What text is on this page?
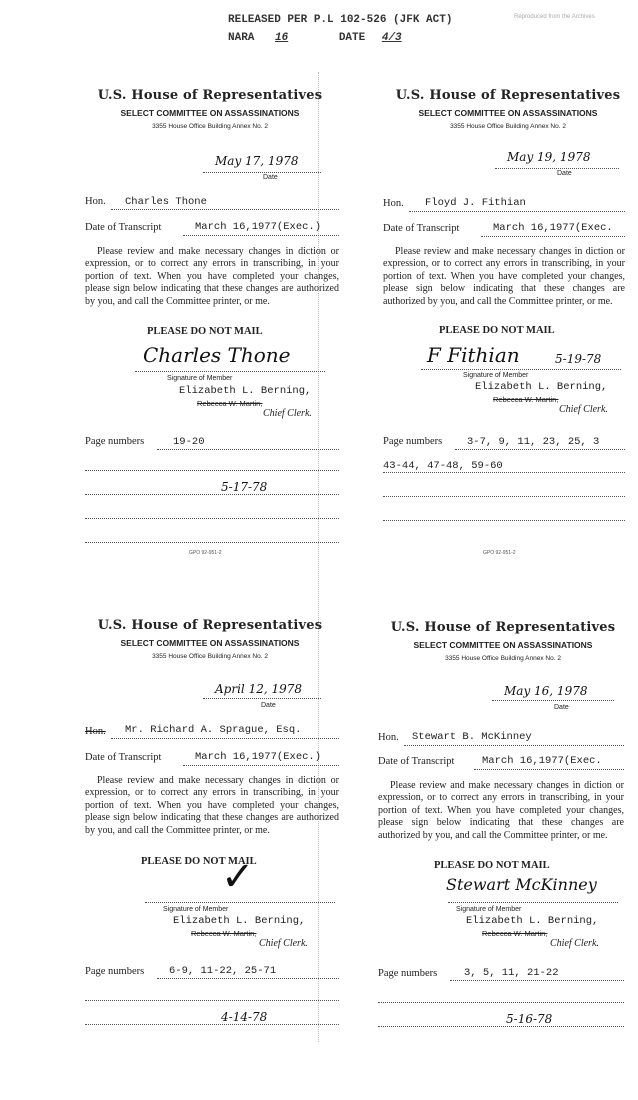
RELEASED PER P.L 102-526 (JFK ACT)
NARA 16	DATE 4/3
Reproduced from the Archives
U.S. House of Representatives
SELECT COMMITTEE ON ASSASSINATIONS
3355 House Office Building Annex No. 2
May 17, 1978
Date
Hon. Charles Thone
Date of Transcript	March 16,1977(Exec.)
Please review and make necessary changes in diction or expression, or to correct any errors in transcribing, in your portion of text. When you have completed your changes, please sign below indicating that these changes are authorized by you, and call the Committee printer, or me.
PLEASE DO NOT MAIL
Charles Thone
Signature of Member
Elizabeth L. Berning,
Rebecca W. Martin,
Chief Clerk.
Page numbers	19-20
5-17-78
GPO 92-951-2
U.S. House of Representatives
SELECT COMMITTEE ON ASSASSINATIONS
3355 House Office Building Annex No. 2
May 19, 1978
Date
Hon. Floyd J. Fithian
Date of Transcript	March 16,1977(Exec.
Please review and make necessary changes in diction or expression, or to correct any errors in transcribing, in your portion of text. When you have completed your changes, please sign below indicating that these changes are authorized by you, and call the Committee printer, or me.
PLEASE DO NOT MAIL
F Fithian	5-19-78
Signature of Member
Elizabeth L. Berning,
Rebecca W. Martin,
Chief Clerk.
Page numbers 3-7, 9, 11, 23, 25, 3
43-44, 47-48, 59-60
GPO 92-951-2
U.S. House of Representatives
SELECT COMMITTEE ON ASSASSINATIONS
3355 House Office Building Annex No. 2
April 12, 1978
Date
Hon. Mr. Richard A. Sprague, Esq.
Date of Transcript	March 16,1977(Exec.)
Please review and make necessary changes in diction or expression, or to correct any errors in transcribing, in your portion of text. When you have completed your changes, please sign below indicating that these changes are authorized by you, and call the Committee printer, or me.
PLEASE DO NOT MAIL
✓
Signature of Member
Elizabeth L. Berning,
Rebecca W. Martin,
Chief Clerk.
Page numbers 6-9, 11-22, 25-71
4-14-78
U.S. House of Representatives
SELECT COMMITTEE ON ASSASSINATIONS
3355 House Office Building Annex No. 2
May 16, 1978
Date
Hon. Stewart B. McKinney
Date of Transcript	March 16,1977(Exec.
Please review and make necessary changes in diction or expression, or to correct any errors in transcribing, in your portion of text. When you have completed your changes, please sign below indicating that these changes are authorized by you, and call the Committee printer, or me.
PLEASE DO NOT MAIL
Stewart McKinney
Signature of Member
Elizabeth L. Berning,
Rebecca W. Martin,
Chief Clerk.
Page numbers	3, 5, 11, 21-22
5-16-78
